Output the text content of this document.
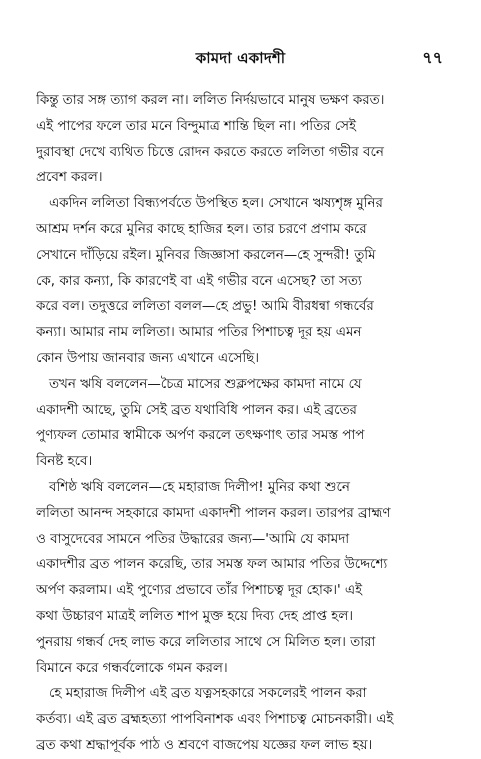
কামদা একাদশী	৭৭

কিন্তু তার সঙ্গ ত্যাগ করল না। ললিত নির্দয়ভাবে মানুষ ভক্ষণ করত।
এই পাপের ফলে তার মনে বিন্দুমাত্র শান্তি ছিল না। পতির সেই
দুরাবস্থা দেখে ব্যথিত চিত্তে রোদন করতে করতে ললিতা গভীর বনে
প্রবেশ করল।

একদিন ললিতা বিন্ধ্যপর্বতে উপস্থিত হল। সেখানে ঋষ্যশৃঙ্গ মুনির
আশ্রম দর্শন করে মুনির কাছে হাজির হল। তার চরণে প্রণাম করে
সেখানে দাঁড়িয়ে রইল। মুনিবর জিজ্ঞাসা করলেন—হে সুন্দরী! তুমি
কে, কার কন্যা, কি কারণেই বা এই গভীর বনে এসেছ? তা সত্য
করে বল। তদুত্তরে ললিতা বলল—হে প্রভু! আমি বীরধন্বা গন্ধর্বের
কন্যা। আমার নাম ললিতা। আমার পতির পিশাচত্ব দূর হয় এমন
কোন উপায় জানবার জন্য এখানে এসেছি।

তখন ঋষি বললেন—চৈত্র মাসের শুক্লপক্ষের কামদা নামে যে
একাদশী আছে, তুমি সেই ব্রত যথাবিধি পালন কর। এই ব্রতের
পুণ্যফল তোমার স্বামীকে অর্পণ করলে তৎক্ষণাৎ তার সমস্ত পাপ
বিনষ্ট হবে।

বশিষ্ঠ ঋষি বললেন—হে মহারাজ দিলীপ! মুনির কথা শুনে
ললিতা আনন্দ সহকারে কামদা একাদশী পালন করল। তারপর ব্রাহ্মণ
ও বাসুদেবের সামনে পতির উদ্ধারের জন্য—'আমি যে কামদা
একাদশীর ব্রত পালন করেছি, তার সমস্ত ফল আমার পতির উদ্দেশ্যে
অর্পণ করলাম। এই পুণ্যের প্রভাবে তাঁর পিশাচত্ব দূর হোক।' এই
কথা উচ্চারণ মাত্রই ললিত শাপ মুক্ত হয়ে দিব্য দেহ প্রাপ্ত হল।
পুনরায় গন্ধর্ব দেহ লাভ করে ললিতার সাথে সে মিলিত হল। তারা
বিমানে করে গন্ধর্বলোকে গমন করল।

হে মহারাজ দিলীপ এই ব্রত যত্নসহকারে সকলেরই পালন করা
কর্তব্য। এই ব্রত ব্রহ্মহত্যা পাপবিনাশক এবং পিশাচত্ব মোচনকারী। এই
ব্রত কথা শ্রদ্ধাপূর্বক পাঠ ও শ্রবণে বাজপেয় যজ্ঞের ফল লাভ হয়।
